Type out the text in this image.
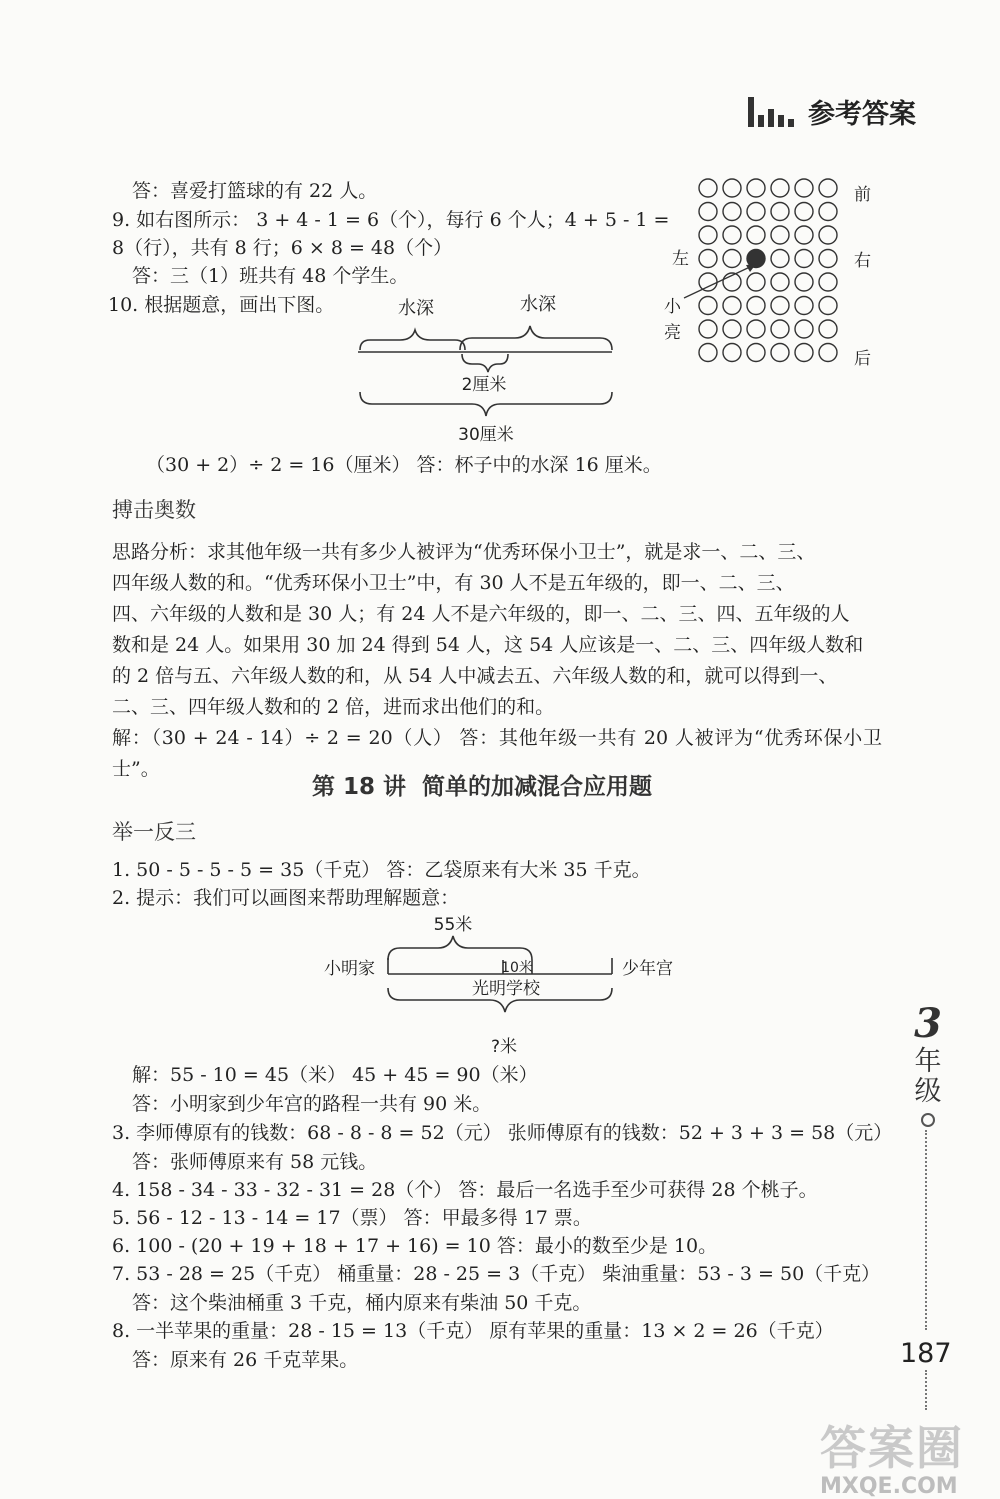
参考答案
答：喜爱打篮球的有 22 人。
9. 如右图所示： 3 + 4 - 1 = 6（个），每行 6 个人；4 + 5 - 1 =
8（行），共有 8 行；6 × 8 = 48（个）
答：三（1）班共有 48 个学生。
10. 根据题意，画出下图。	水深	水深
2厘米
30厘米
（30 + 2）÷ 2 = 16（厘米） 答：杯子中的水深 16 厘米。
前
右
左
后
小
亮
搏击奥数
思路分析：求其他年级一共有多少人被评为“优秀环保小卫士”，就是求一、二、三、
四年级人数的和。“优秀环保小卫士”中，有 30 人不是五年级的，即一、二、三、
四、六年级的人数和是 30 人；有 24 人不是六年级的，即一、二、三、四、五年级的人
数和是 24 人。如果用 30 加 24 得到 54 人，这 54 人应该是一、二、三、四年级人数和
的 2 倍与五、六年级人数的和，从 54 人中减去五、六年级人数的和，就可以得到一、
二、三、四年级人数和的 2 倍，进而求出他们的和。
解：（30 + 24 - 14）÷ 2 = 20（人） 答：其他年级一共有 20 人被评为“优秀环保小卫士”。
第 18 讲 简单的加减混合应用题
举一反三
1. 50 - 5 - 5 - 5 = 35（千克） 答：乙袋原来有大米 35 千克。
2. 提示：我们可以画图来帮助理解题意：
55米
小明家	少年宫
10米
光明学校
?米
解：55 - 10 = 45（米） 45 + 45 = 90（米）
答：小明家到少年宫的路程一共有 90 米。
3. 李师傅原有的钱数：68 - 8 - 8 = 52（元） 张师傅原有的钱数：52 + 3 + 3 = 58（元）
答：张师傅原来有 58 元钱。
4. 158 - 34 - 33 - 32 - 31 = 28（个） 答：最后一名选手至少可获得 28 个桃子。
5. 56 - 12 - 13 - 14 = 17（票） 答：甲最多得 17 票。
6. 100 - (20 + 19 + 18 + 17 + 16) = 10 答：最小的数至少是 10。
7. 53 - 28 = 25（千克） 桶重量：28 - 25 = 3（千克） 柴油重量：53 - 3 = 50（千克）
答：这个柴油桶重 3 千克，桶内原来有柴油 50 千克。
8. 一半苹果的重量：28 - 15 = 13（千克） 原有苹果的重量：13 × 2 = 26（千克）
答：原来有 26 千克苹果。
3
年
级
187
答案圈
MXQE.COM
